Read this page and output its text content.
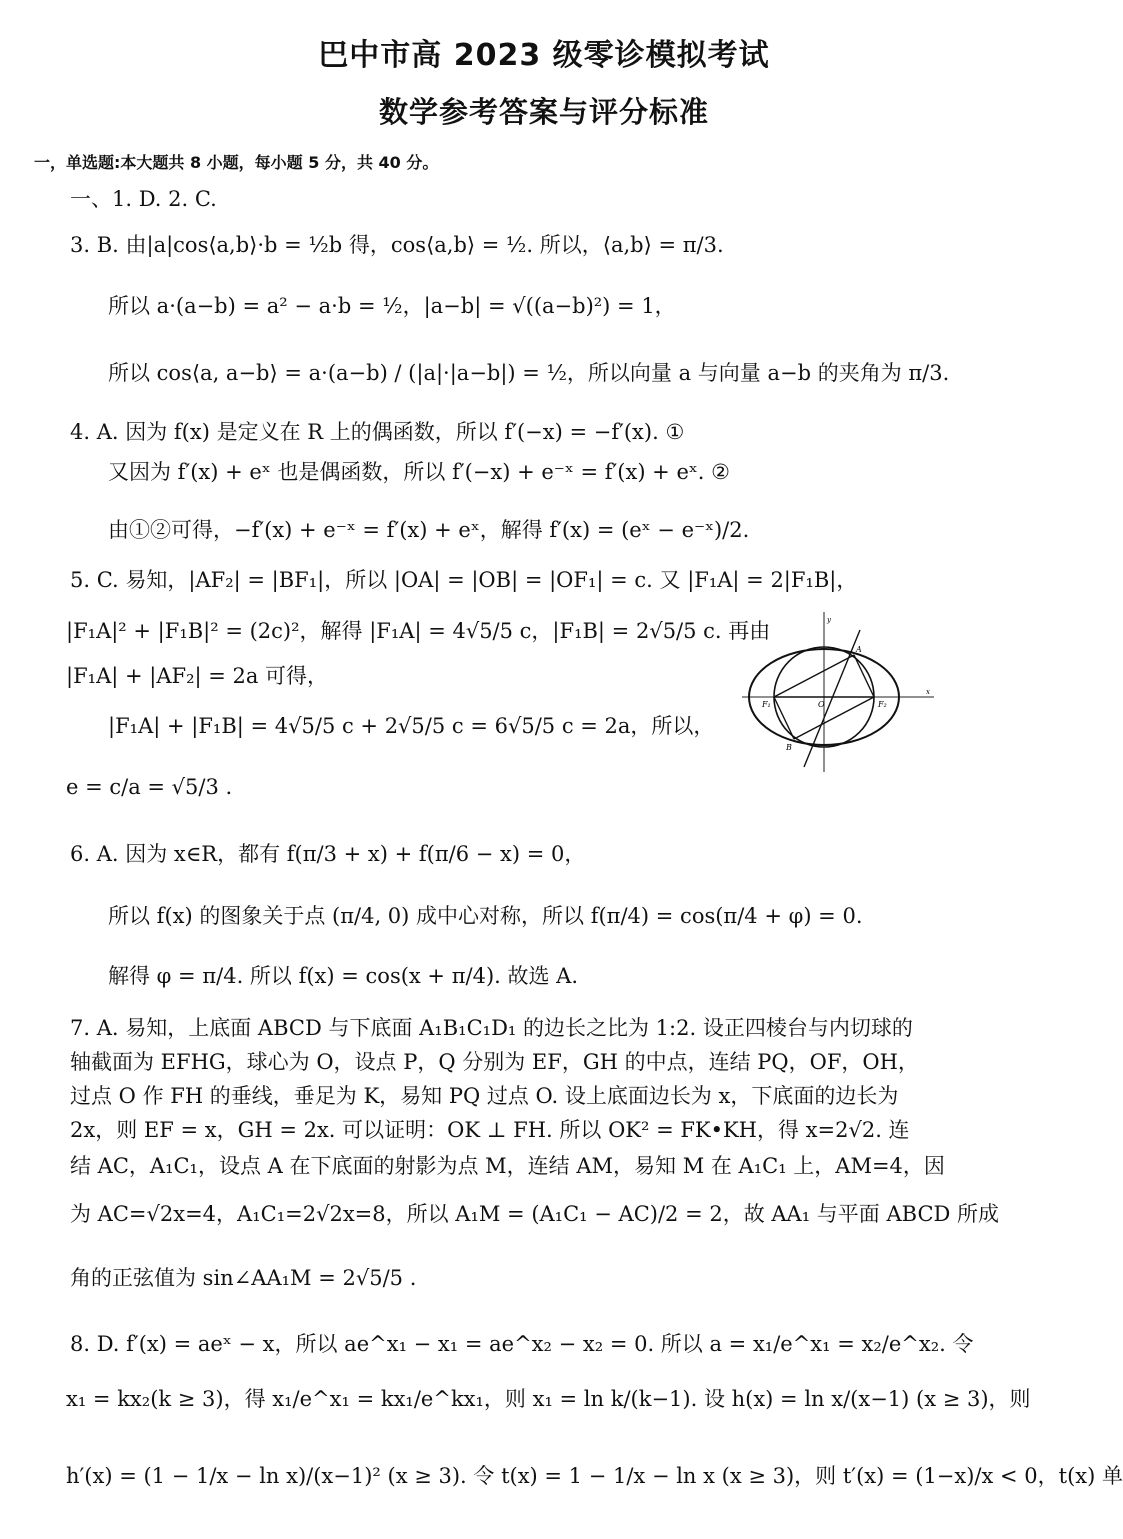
巴中市高 2023 级零诊模拟考试
数学参考答案与评分标准
一，单选题:本大题共 8 小题，每小题 5 分，共 40 分。
一、1. D. 2. C.
3. B. 由|a|cos⟨a,b⟩·b = ½b 得，cos⟨a,b⟩ = ½. 所以，⟨a,b⟩ = π/3.
所以 a·(a−b) = a² − a·b = ½，|a−b| = √((a−b)²) = 1，
所以 cos⟨a, a−b⟩ = a·(a−b) / (|a|·|a−b|) = ½，所以向量 a 与向量 a−b 的夹角为 π/3.
4. A. 因为 f(x) 是定义在 R 上的偶函数，所以 f′(−x) = −f′(x). ①
又因为 f′(x) + eˣ 也是偶函数，所以 f′(−x) + e⁻ˣ = f′(x) + eˣ. ②
由①②可得，−f′(x) + e⁻ˣ = f′(x) + eˣ，解得 f′(x) = (eˣ − e⁻ˣ)/2.
5. C. 易知，|AF₂| = |BF₁|，所以 |OA| = |OB| = |OF₁| = c. 又 |F₁A| = 2|F₁B|，
|F₁A|² + |F₁B|² = (2c)²，解得 |F₁A| = 4√5/5 c，|F₁B| = 2√5/5 c. 再由
|F₁A| + |AF₂| = 2a 可得，
|F₁A| + |F₁B| = 4√5/5 c + 2√5/5 c = 6√5/5 c = 2a，所以，
e = c/a = √5/3 .
6. A. 因为 x∈R，都有 f(π/3 + x) + f(π/6 − x) = 0，
所以 f(x) 的图象关于点 (π/4, 0) 成中心对称，所以 f(π/4) = cos(π/4 + φ) = 0.
解得 φ = π/4. 所以 f(x) = cos(x + π/4). 故选 A.
7. A. 易知，上底面 ABCD 与下底面 A₁B₁C₁D₁ 的边长之比为 1:2. 设正四棱台与内切球的
轴截面为 EFHG，球心为 O，设点 P，Q 分别为 EF，GH 的中点，连结 PQ，OF，OH，
过点 O 作 FH 的垂线，垂足为 K，易知 PQ 过点 O. 设上底面边长为 x，下底面的边长为
2x，则 EF = x，GH = 2x. 可以证明：OK ⊥ FH. 所以 OK² = FK•KH，得 x=2√2. 连
结 AC，A₁C₁，设点 A 在下底面的射影为点 M，连结 AM，易知 M 在 A₁C₁ 上，AM=4，因
为 AC=√2x=4，A₁C₁=2√2x=8，所以 A₁M = (A₁C₁ − AC)/2 = 2，故 AA₁ 与平面 ABCD 所成
角的正弦值为 sin∠AA₁M = 2√5/5 .
8. D. f′(x) = aeˣ − x，所以 ae^x₁ − x₁ = ae^x₂ − x₂ = 0. 所以 a = x₁/e^x₁ = x₂/e^x₂. 令
x₁ = kx₂(k ≥ 3)，得 x₁/e^x₁ = kx₁/e^kx₁，则 x₁ = ln k/(k−1). 设 h(x) = ln x/(x−1) (x ≥ 3)，则
h′(x) = (1 − 1/x − ln x)/(x−1)² (x ≥ 3). 令 t(x) = 1 − 1/x − ln x (x ≥ 3)，则 t′(x) = (1−x)/x < 0，t(x) 单
A
B
F₁	F₂
O
x
y
